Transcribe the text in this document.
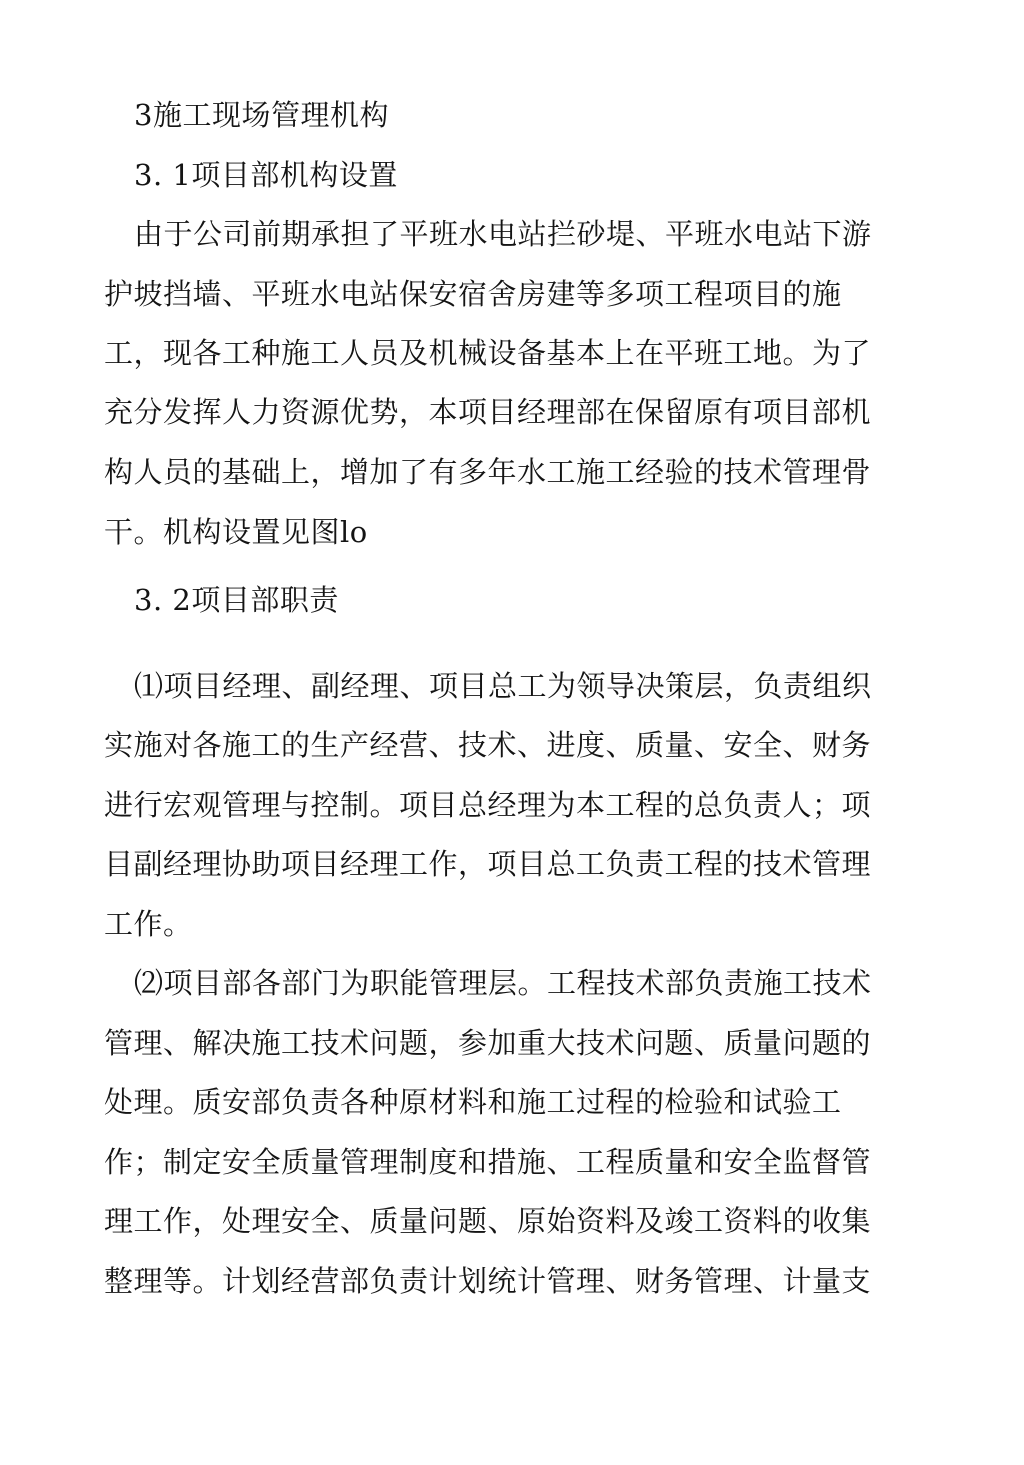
3施工现场管理机构
3. 1项目部机构设置
由于公司前期承担了平班水电站拦砂堤、平班水电站下游
护坡挡墙、平班水电站保安宿舍房建等多项工程项目的施
工，现各工种施工人员及机械设备基本上在平班工地。为了
充分发挥人力资源优势，本项目经理部在保留原有项目部机
构人员的基础上，增加了有多年水工施工经验的技术管理骨
干。机构设置见图lo
3. 2项目部职责
⑴项目经理、副经理、项目总工为领导决策层，负责组织
实施对各施工的生产经营、技术、进度、质量、安全、财务
进行宏观管理与控制。项目总经理为本工程的总负责人；项
目副经理协助项目经理工作，项目总工负责工程的技术管理
工作。
⑵项目部各部门为职能管理层。工程技术部负责施工技术
管理、解决施工技术问题，参加重大技术问题、质量问题的
处理。质安部负责各种原材料和施工过程的检验和试验工
作；制定安全质量管理制度和措施、工程质量和安全监督管
理工作，处理安全、质量问题、原始资料及竣工资料的收集
整理等。计划经营部负责计划统计管理、财务管理、计量支
